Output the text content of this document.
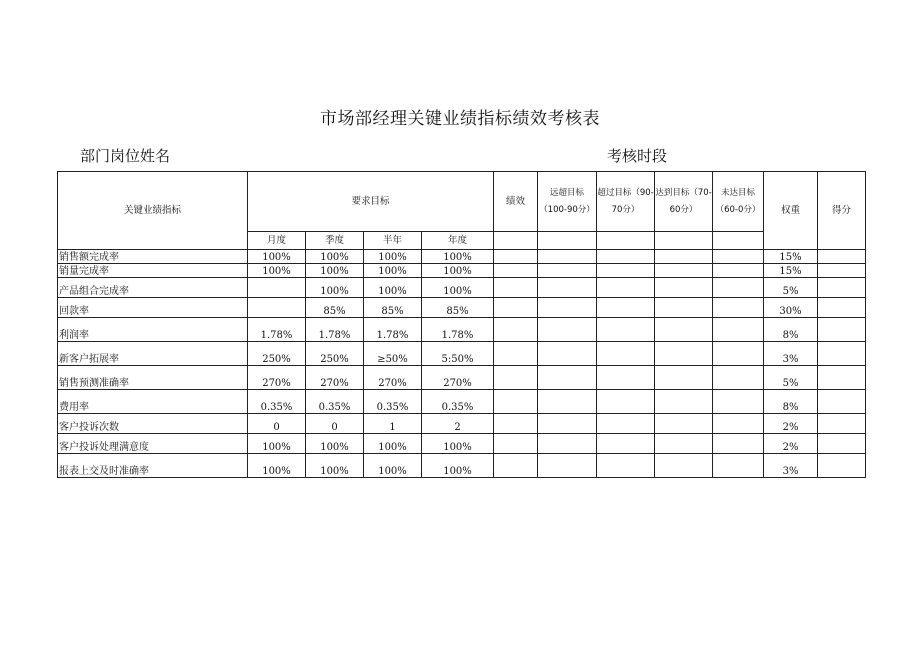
市场部经理关键业绩指标绩效考核表
部门岗位姓名	考核时段
关键业绩指标	要求目标				绩效	远超目标（100-90分）	超过目标（90-70分）	达到目标（70-60分）	未达目标（60-0分）	权重	得分
	月度	季度	半年	年度							
销售额完成率	100%	100%	100%	100%						15%	
销量完成率	100%	100%	100%	100%						15%	
产品组合完成率		100%	100%	100%						5%	
回款率		85%	85%	85%						30%	
利润率	1.78%	1.78%	1.78%	1.78%						8%	
新客户拓展率	250%	250%	≥50%	5:50%						3%	
销售预测准确率	270%	270%	270%	270%						5%	
费用率	0.35%	0.35%	0.35%	0.35%						8%	
客户投诉次数	0	0	1	2						2%	
客户投诉处理满意度	100%	100%	100%	100%						2%	
报表上交及时准确率	100%	100%	100%	100%						3%	
